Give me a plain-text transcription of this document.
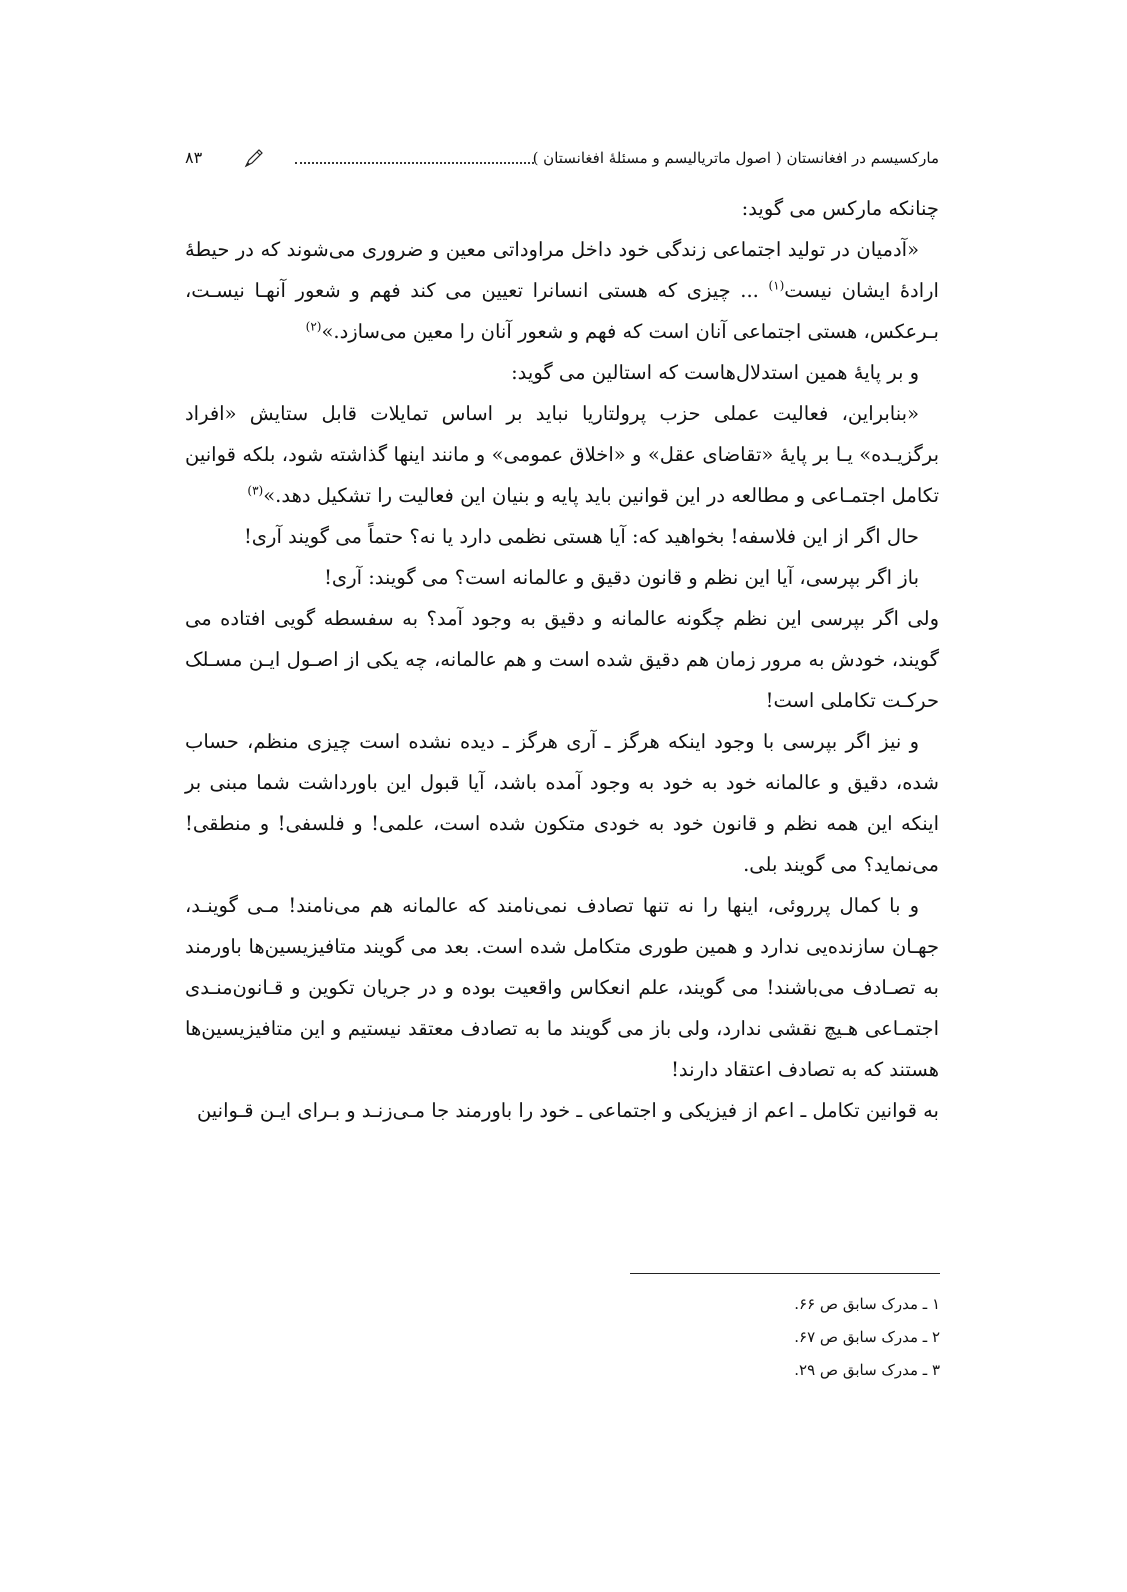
مارکسیسم در افغانستان ( اصول ماتریالیسم و مسئلهٔ افغانستان )
۸۳

چنانکه مارکس می گوید:

«آدمیان در تولید اجتماعی زندگی خود داخل مراوداتی معین و ضروری می‌شوند که در حیطهٔ ارادهٔ ایشان نیست$^{(۱)}$ ... چیزی که هستی انسانرا تعیین می کند فهم و شعور آنهـا نیسـت، بـرعکس، هستی اجتماعی آنان است که فهم و شعور آنان را معین می‌سازد.»$^{(۲)}$

و بر پایهٔ همین استدلال‌هاست که استالین می گوید:

«بنابراین، فعالیت عملی حزب پرولتاریا نباید بر اساس تمایلات قابل ستایش «افراد برگزیـده» یـا بر پایهٔ «تقاضای عقل» و «اخلاق عمومی» و مانند اینها گذاشته شود، بلکه قوانین تکامل اجتمـاعی و مطالعه در این قوانین باید پایه و بنیان این فعالیت را تشکیل دهد.»$^{(۳)}$

حال اگر از این فلاسفه! بخواهید که: آیا هستی نظمی دارد یا نه؟ حتماً می گویند آری!

باز اگر بپرسی، آیا این نظم و قانون دقیق و عالمانه است؟ می گویند: آری!

ولی اگر بپرسی این نظم چگونه عالمانه و دقیق به وجود آمد؟ به سفسطه گویی افتاده می گویند، خودش به مرور زمان هم دقیق شده است و هم عالمانه، چه یکی از اصـول ایـن مسـلک حرکـت تکاملی است!

و نیز اگر بپرسی با وجود اینکه هرگز ـ آری هرگز ـ دیده نشده است چیزی منظم، حساب شده، دقیق و عالمانه خود به خود به وجود آمده باشد، آیا قبول این باورداشت شما مبنی بر اینکه این همه نظم و قانون خود به خودی متکون شده است، علمی! و فلسفی! و منطقی! می‌نماید؟ می گویند بلی.

و با کمال پرروئی، اینها را نه تنها تصادف نمی‌نامند که عالمانه هم می‌نامند! مـی گوینـد، جهـان سازنده‌یی ندارد و همین طوری متکامل شده است. بعد می گویند متافیزیسین‌ها باورمند به تصـادف می‌باشند! می گویند، علم انعکاس واقعیت بوده و در جریان تکوین و قـانون‌منـدی اجتمـاعی هـیچ نقشی ندارد، ولی باز می گویند ما به تصادف معتقد نیستیم و این متافیزیسین‌ها هستند که به تصادف اعتقاد دارند!

به قوانین تکامل ـ اعم از فیزیکی و اجتماعی ـ خود را باورمند جا مـی‌زنـد و بـرای ایـن قـوانین

۱ ـ مدرک سابق ص ۶۶.
۲ ـ مدرک سابق ص ۶۷.
۳ ـ مدرک سابق ص ۲۹.
